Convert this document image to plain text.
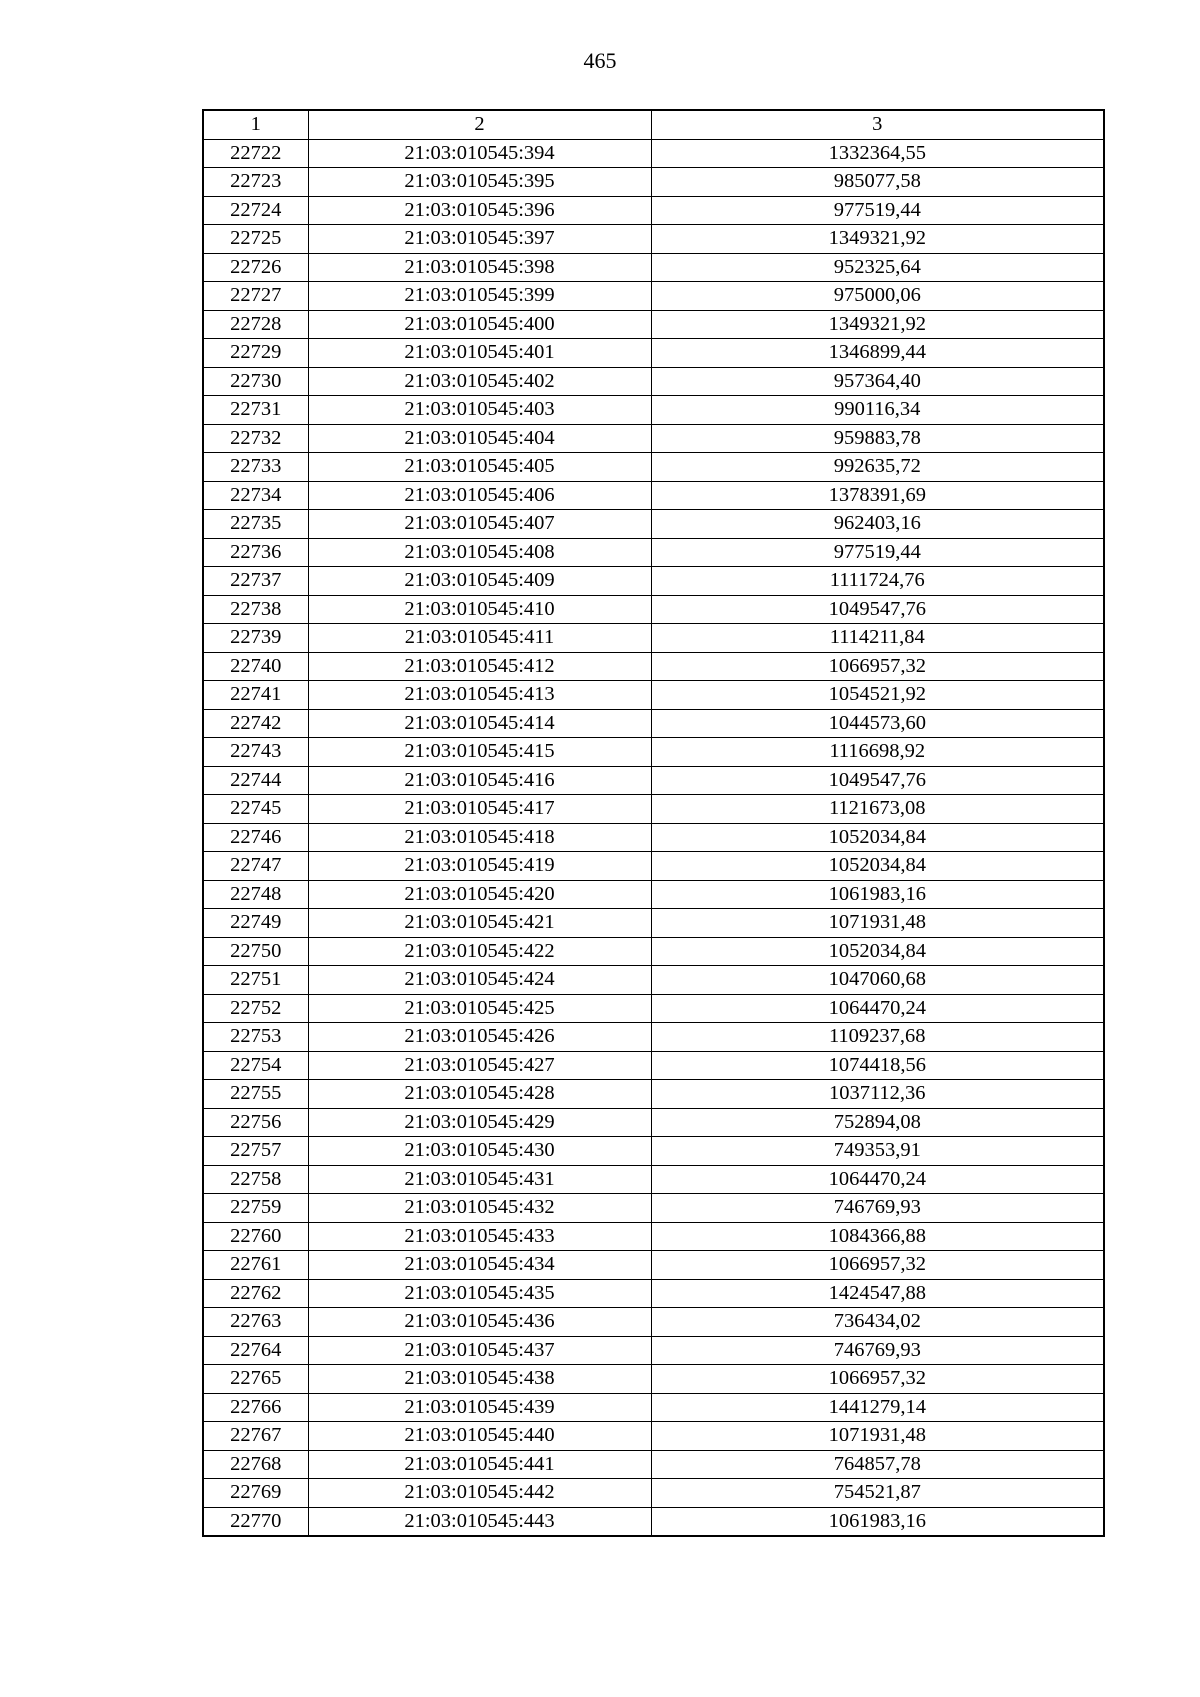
465
1	2	3
22722	21:03:010545:394	1332364,55
22723	21:03:010545:395	985077,58
22724	21:03:010545:396	977519,44
22725	21:03:010545:397	1349321,92
22726	21:03:010545:398	952325,64
22727	21:03:010545:399	975000,06
22728	21:03:010545:400	1349321,92
22729	21:03:010545:401	1346899,44
22730	21:03:010545:402	957364,40
22731	21:03:010545:403	990116,34
22732	21:03:010545:404	959883,78
22733	21:03:010545:405	992635,72
22734	21:03:010545:406	1378391,69
22735	21:03:010545:407	962403,16
22736	21:03:010545:408	977519,44
22737	21:03:010545:409	1111724,76
22738	21:03:010545:410	1049547,76
22739	21:03:010545:411	1114211,84
22740	21:03:010545:412	1066957,32
22741	21:03:010545:413	1054521,92
22742	21:03:010545:414	1044573,60
22743	21:03:010545:415	1116698,92
22744	21:03:010545:416	1049547,76
22745	21:03:010545:417	1121673,08
22746	21:03:010545:418	1052034,84
22747	21:03:010545:419	1052034,84
22748	21:03:010545:420	1061983,16
22749	21:03:010545:421	1071931,48
22750	21:03:010545:422	1052034,84
22751	21:03:010545:424	1047060,68
22752	21:03:010545:425	1064470,24
22753	21:03:010545:426	1109237,68
22754	21:03:010545:427	1074418,56
22755	21:03:010545:428	1037112,36
22756	21:03:010545:429	752894,08
22757	21:03:010545:430	749353,91
22758	21:03:010545:431	1064470,24
22759	21:03:010545:432	746769,93
22760	21:03:010545:433	1084366,88
22761	21:03:010545:434	1066957,32
22762	21:03:010545:435	1424547,88
22763	21:03:010545:436	736434,02
22764	21:03:010545:437	746769,93
22765	21:03:010545:438	1066957,32
22766	21:03:010545:439	1441279,14
22767	21:03:010545:440	1071931,48
22768	21:03:010545:441	764857,78
22769	21:03:010545:442	754521,87
22770	21:03:010545:443	1061983,16
